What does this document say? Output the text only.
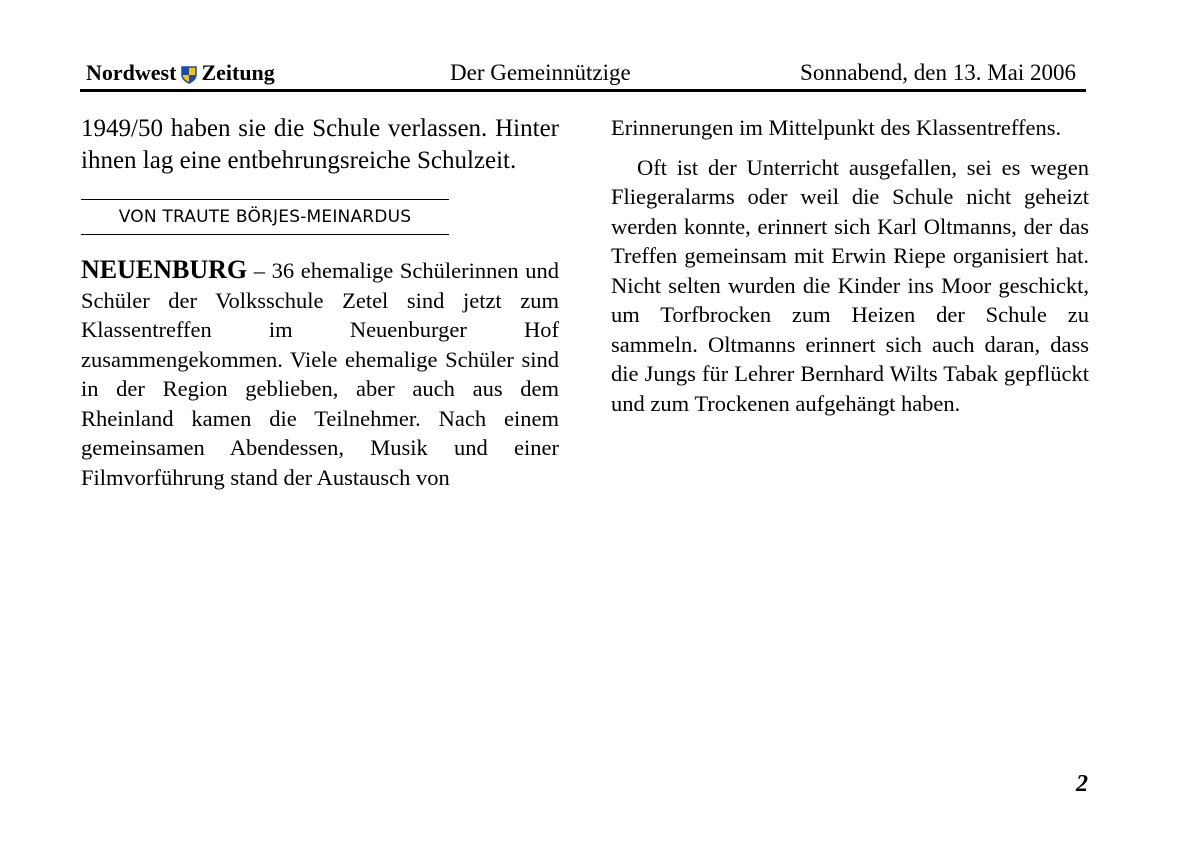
Nordwest Zeitung	Der Gemeinnützige	Sonnabend, den 13. Mai 2006

1949/50 haben sie die Schule verlassen. Hinter ihnen lag eine entbehrungsreiche Schulzeit.

VON TRAUTE BÖRJES-MEINARDUS

NEUENBURG – 36 ehemalige Schülerinnen und Schüler der Volksschule Zetel sind jetzt zum Klassentreffen im Neuenburger Hof zusammengekommen. Viele ehemalige Schüler sind in der Region geblieben, aber auch aus dem Rheinland kamen die Teilnehmer. Nach einem gemeinsamen Abendessen, Musik und einer Filmvorführung stand der Austausch von

Erinnerungen im Mittelpunkt des Klassentreffens.

Oft ist der Unterricht ausgefallen, sei es wegen Fliegeralarms oder weil die Schule nicht geheizt werden konnte, erinnert sich Karl Oltmanns, der das Treffen gemeinsam mit Erwin Riepe organisiert hat. Nicht selten wurden die Kinder ins Moor geschickt, um Torfbrocken zum Heizen der Schule zu sammeln. Oltmanns erinnert sich auch daran, dass die Jungs für Lehrer Bernhard Wilts Tabak gepflückt und zum Trockenen aufgehängt haben.

2
